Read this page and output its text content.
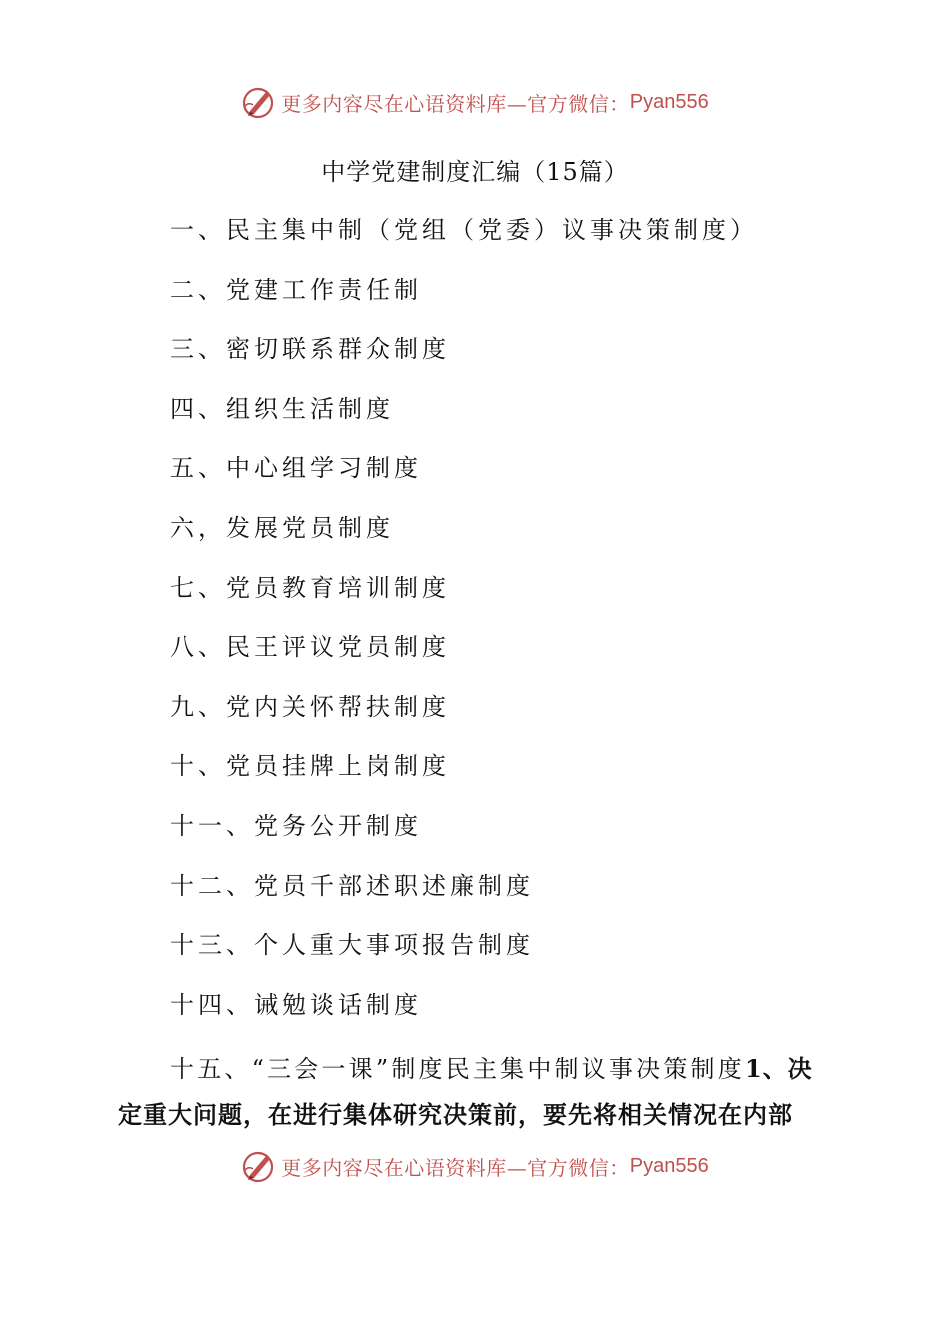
更多内容尽在心语资料库—官方微信： Pyan556
中学党建制度汇编（15篇）
一、民主集中制（党组（党委）议事决策制度）
二、党建工作责任制
三、密切联系群众制度
四、组织生活制度
五、中心组学习制度
六，发展党员制度
七、党员教育培训制度
八、民王评议党员制度
九、党内关怀帮扶制度
十、党员挂牌上岗制度
十一、党务公开制度
十二、党员千部述职述廉制度
十三、个人重大事项报告制度
十四、诫勉谈话制度

十五、“三会一课”制度民主集中制议事决策制度1、决
定重大问题，在进行集体研究决策前，要先将相关情况在内部

更多内容尽在心语资料库—官方微信： Pyan556
